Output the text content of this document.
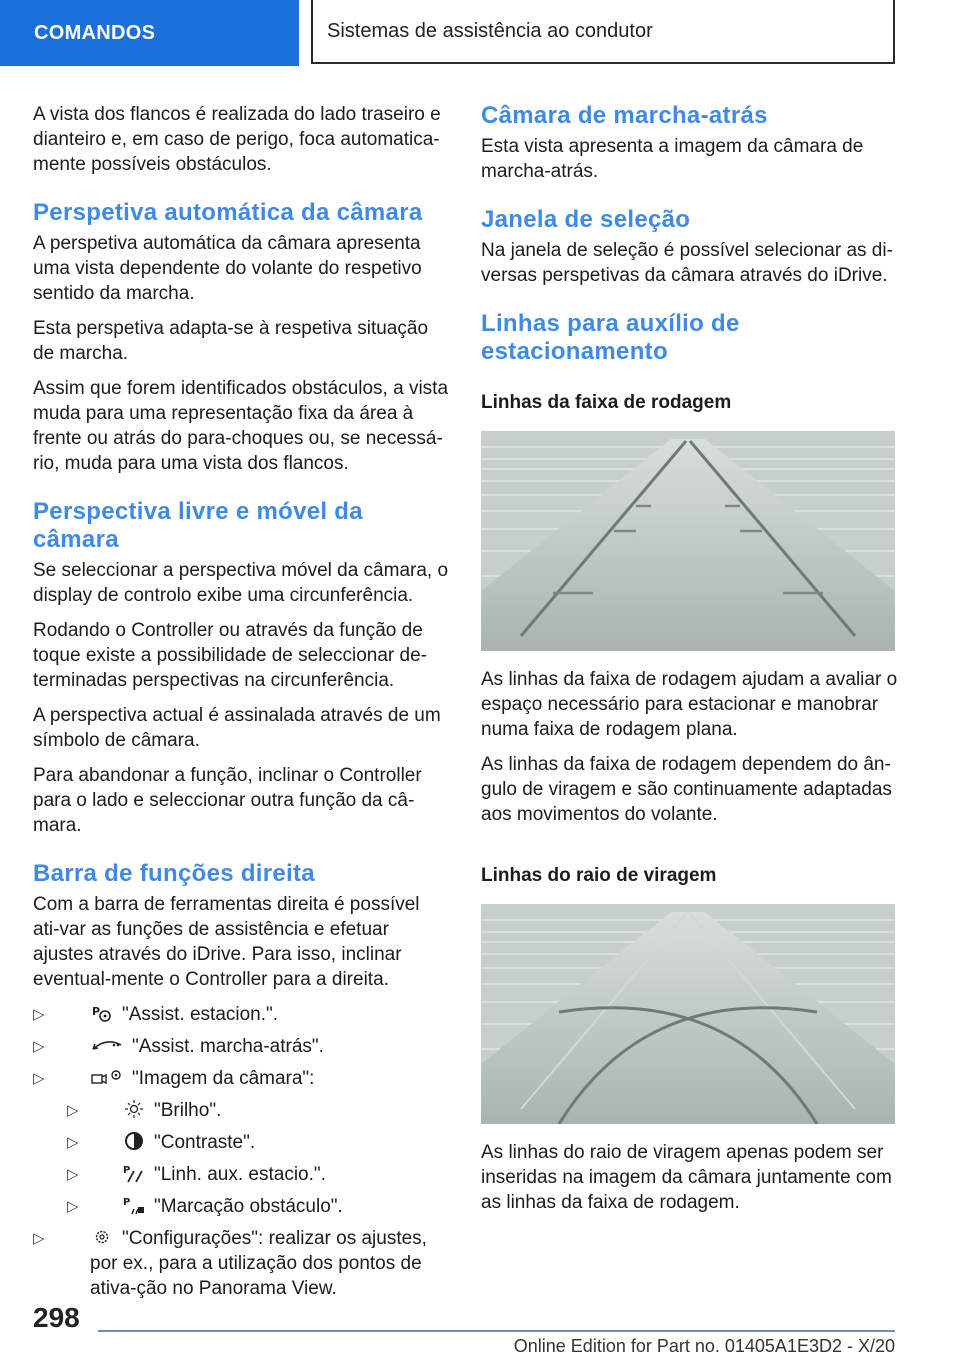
COMANDOS	Sistemas de assistência ao condutor

A vista dos flancos é realizada do lado traseiro e dianteiro e, em caso de perigo, foca automatica-mente possíveis obstáculos.

Perspetiva automática da câmara

A perspetiva automática da câmara apresenta uma vista dependente do volante do respetivo sentido da marcha.

Esta perspetiva adapta-se à respetiva situação de marcha.

Assim que forem identificados obstáculos, a vista muda para uma representação fixa da área à frente ou atrás do para-choques ou, se necessá-rio, muda para uma vista dos flancos.

Perspectiva livre e móvel da câmara

Se seleccionar a perspectiva móvel da câmara, o display de controlo exibe uma circunferência.

Rodando o Controller ou através da função de toque existe a possibilidade de seleccionar de-terminadas perspectivas na circunferência.

A perspectiva actual é assinalada através de um símbolo de câmara.

Para abandonar a função, inclinar o Controller para o lado e seleccionar outra função da câ-mara.

Barra de funções direita

Com a barra de ferramentas direita é possível ati-var as funções de assistência e efetuar ajustes através do iDrive. Para isso, inclinar eventual-mente o Controller para a direita.

▷	P "Assist. estacion.".
▷	"Assist. marcha-atrás".
▷	"Imagem da câmara":
▷	"Brilho".
▷	"Contraste".
▷	P "Linh. aux. estacio.".
▷	P "Marcação obstáculo".
▷	"Configurações": realizar os ajustes, por ex., para a utilização dos pontos de ativa-ção no Panorama View.
Câmara de marcha-atrás

Esta vista apresenta a imagem da câmara de marcha-atrás.

Janela de seleção

Na janela de seleção é possível selecionar as di-versas perspetivas da câmara através do iDrive.

Linhas para auxílio de estacionamento
Linhas da faixa de rodagem

As linhas da faixa de rodagem ajudam a avaliar o espaço necessário para estacionar e manobrar numa faixa de rodagem plana.

As linhas da faixa de rodagem dependem do ân-gulo de viragem e são continuamente adaptadas aos movimentos do volante.

Linhas do raio de viragem

As linhas do raio de viragem apenas podem ser inseridas na imagem da câmara juntamente com as linhas da faixa de rodagem.

298
Online Edition for Part no. 01405A1E3D2 - X/20
